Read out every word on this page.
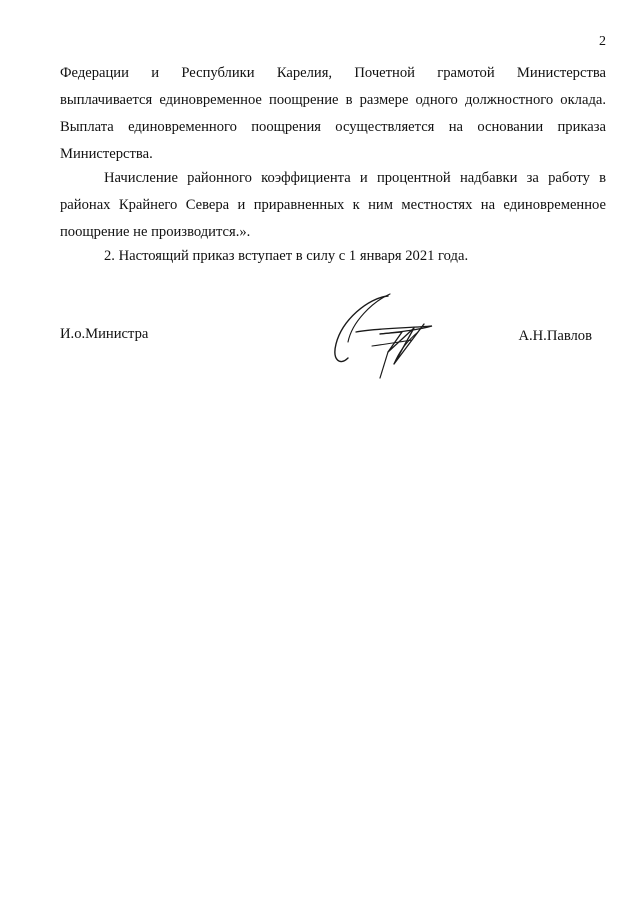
2

Федерации и Республики Карелия, Почетной грамотой Министерства

выплачивается единовременное поощрение в размере одного должностного оклада. Выплата единовременного поощрения осуществляется на основании приказа Министерства.

Начисление районного коэффициента и процентной надбавки за работу в районах Крайнего Севера и приравненных к ним местностях на единовременное поощрение не производится.».

2. Настоящий приказ вступает в силу с 1 января 2021 года.

И.о.Министра	А.Н.Павлов
